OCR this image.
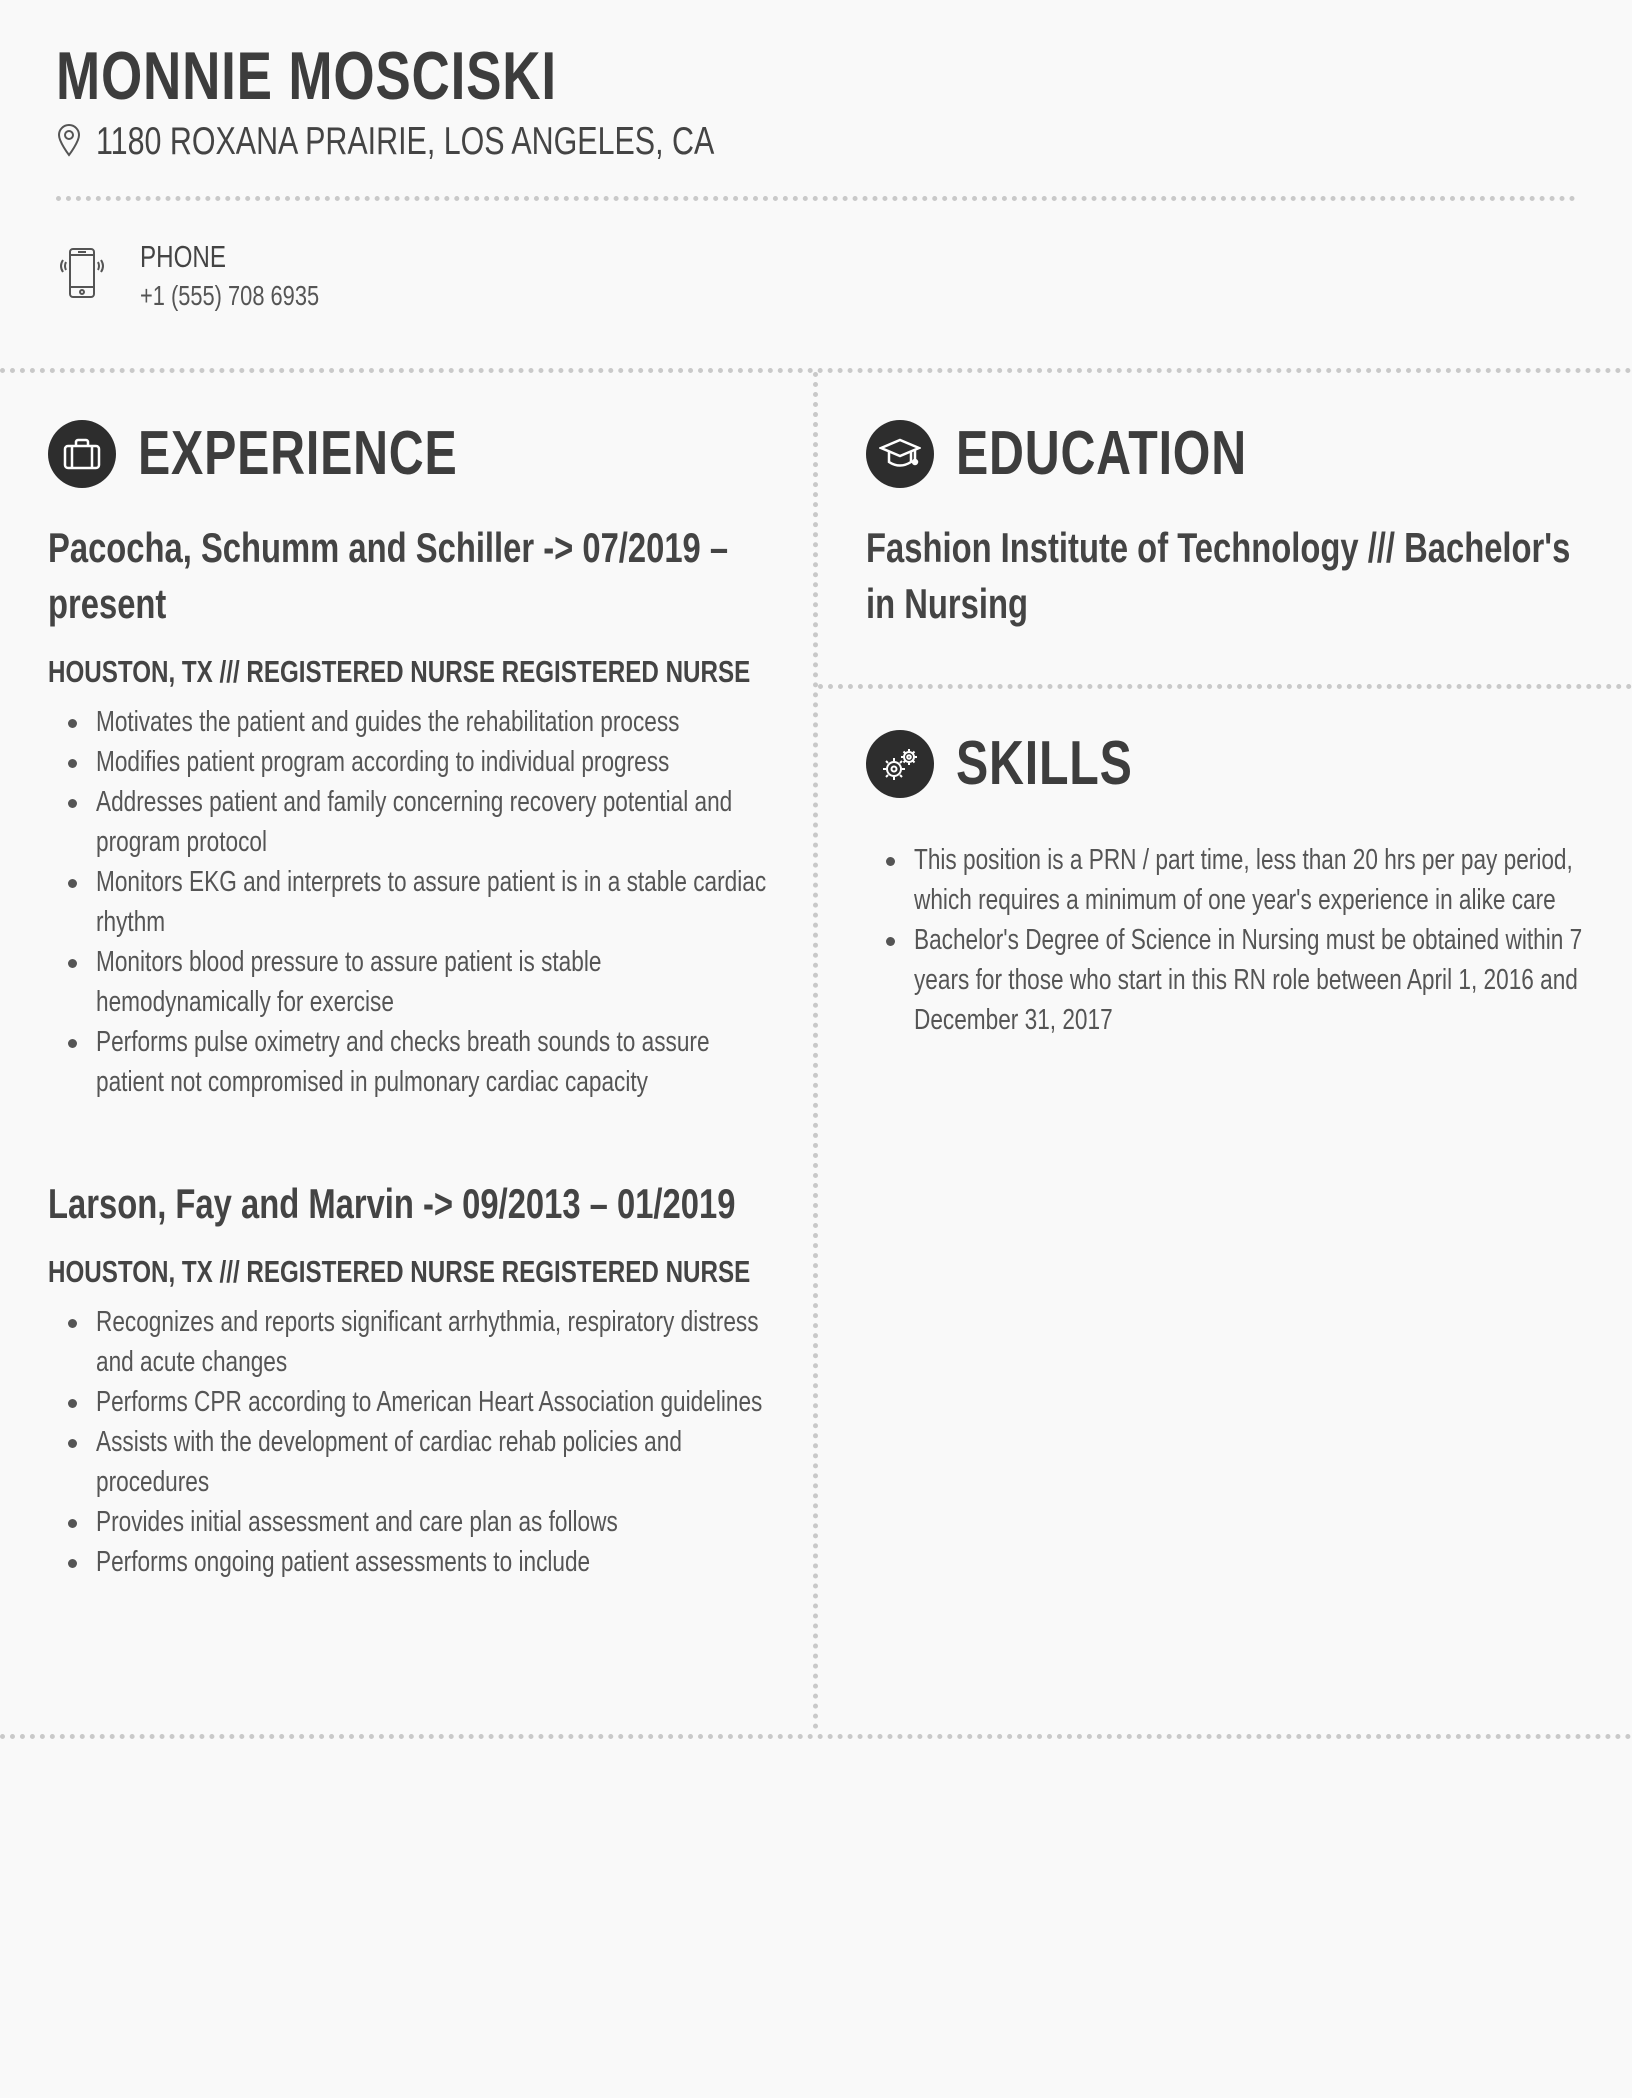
MONNIE MOSCISKI
1180 ROXANA PRAIRIE, LOS ANGELES, CA
PHONE
+1 (555) 708 6935
EXPERIENCE
Pacocha, Schumm and Schiller -> 07/2019 – present
HOUSTON, TX /// REGISTERED NURSE REGISTERED NURSE
Motivates the patient and guides the rehabilitation process
Modifies patient program according to individual progress
Addresses patient and family concerning recovery potential and program protocol
Monitors EKG and interprets to assure patient is in a stable cardiac rhythm
Monitors blood pressure to assure patient is stable hemodynamically for exercise
Performs pulse oximetry and checks breath sounds to assure patient not compromised in pulmonary cardiac capacity
Larson, Fay and Marvin -> 09/2013 – 01/2019
HOUSTON, TX /// REGISTERED NURSE REGISTERED NURSE
Recognizes and reports significant arrhythmia, respiratory distress and acute changes
Performs CPR according to American Heart Association guidelines
Assists with the development of cardiac rehab policies and procedures
Provides initial assessment and care plan as follows
Performs ongoing patient assessments to include
EDUCATION
Fashion Institute of Technology /// Bachelor's in Nursing
SKILLS
This position is a PRN / part time, less than 20 hrs per pay period, which requires a minimum of one year's experience in alike care
Bachelor's Degree of Science in Nursing must be obtained within 7 years for those who start in this RN role between April 1, 2016 and December 31, 2017
